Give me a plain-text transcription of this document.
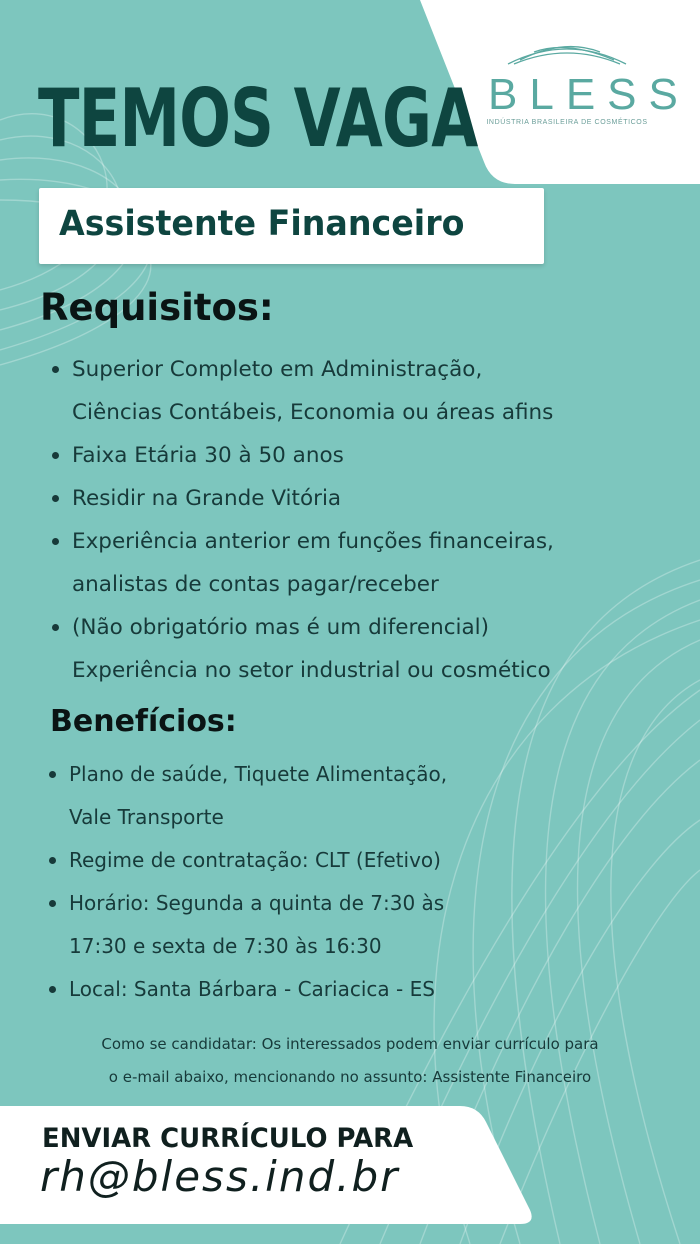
BLESS
INDÚSTRIA BRASILEIRA DE COSMÉTICOS
TEMOS VAGA
Assistente Financeiro
Requisitos:
Superior Completo em Administração,
Ciências Contábeis, Economia ou áreas afins
Faixa Etária 30 à 50 anos
Residir na Grande Vitória
Experiência anterior em funções financeiras,
analistas de contas pagar/receber
(Não obrigatório mas é um diferencial)
Experiência no setor industrial ou cosmético
Benefícios:
Plano de saúde, Tiquete Alimentação,
Vale Transporte
Regime de contratação: CLT (Efetivo)
Horário: Segunda a quinta de 7:30 às
17:30 e sexta de 7:30 às 16:30
Local: Santa Bárbara - Cariacica - ES
Como se candidatar: Os interessados podem enviar currículo para
o e-mail abaixo, mencionando no assunto: Assistente Financeiro
ENVIAR CURRÍCULO PARA
rh@bless.ind.br
